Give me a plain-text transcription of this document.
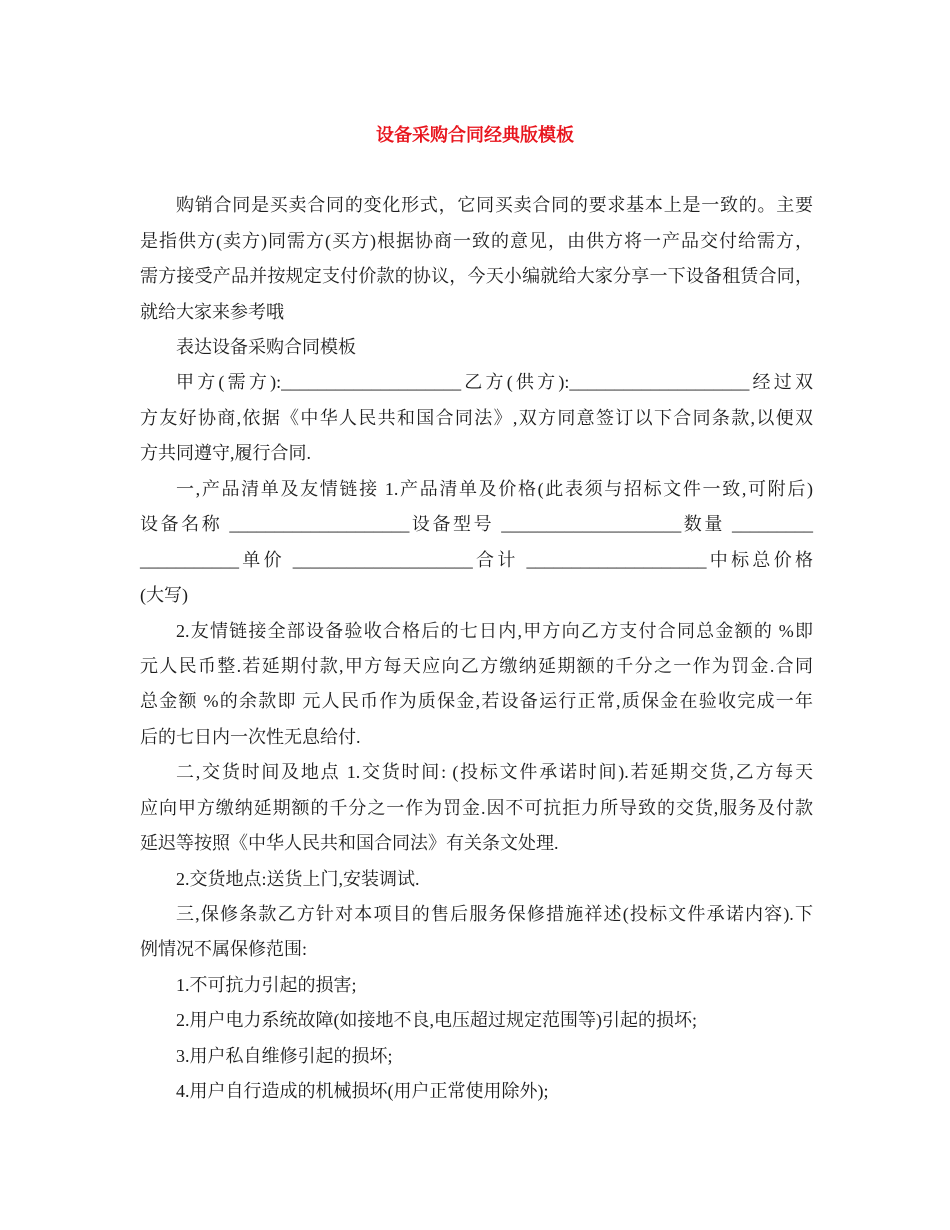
设备采购合同经典版模板
购销合同是买卖合同的变化形式，它同买卖合同的要求基本上是一致的。主要
是指供方(卖方)同需方(买方)根据协商一致的意见，由供方将一产品交付给需方，
需方接受产品并按规定支付价款的协议，今天小编就给大家分享一下设备租赁合同，
就给大家来参考哦
表达设备采购合同模板
甲方(需方):____________________乙方(供方):____________________经过双
方友好协商,依据《中华人民共和国合同法》,双方同意签订以下合同条款,以便双
方共同遵守,履行合同.
一,产品清单及友情链接 1.产品清单及价格(此表须与招标文件一致,可附后)
设备名称 ____________________设备型号 ____________________数量 _________
___________单价 ____________________合计 ____________________中标总价格
(大写)
2.友情链接全部设备验收合格后的七日内,甲方向乙方支付合同总金额的 %即
元人民币整.若延期付款,甲方每天应向乙方缴纳延期额的千分之一作为罚金.合同
总金额 %的余款即 元人民币作为质保金,若设备运行正常,质保金在验收完成一年
后的七日内一次性无息给付.
二,交货时间及地点 1.交货时间: (投标文件承诺时间).若延期交货,乙方每天
应向甲方缴纳延期额的千分之一作为罚金.因不可抗拒力所导致的交货,服务及付款
延迟等按照《中华人民共和国合同法》有关条文处理.
2.交货地点:送货上门,安装调试.
三,保修条款乙方针对本项目的售后服务保修措施祥述(投标文件承诺内容).下
例情况不属保修范围:
1.不可抗力引起的损害;
2.用户电力系统故障(如接地不良,电压超过规定范围等)引起的损坏;
3.用户私自维修引起的损坏;
4.用户自行造成的机械损坏(用户正常使用除外);
